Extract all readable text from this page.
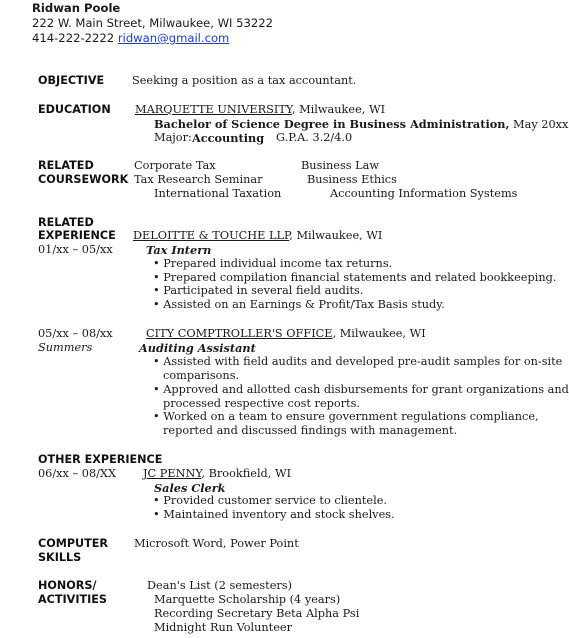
Ridwan Poole
222 W. Main Street, Milwaukee, WI 53222
414-222-2222 ridwan@gmail.com
OBJECTIVE Seeking a position as a tax accountant.
EDUCATION MARQUETTE UNIVERSITY, Milwaukee, WI
Bachelor of Science Degree in Business Administration, May 20xx
Major: Accounting G.P.A. 3.2/4.0
RELATED
COURSEWORK
Corporate Tax	Business Law
Tax Research Seminar	Business Ethics
International Taxation	Accounting Information Systems
RELATED
EXPERIENCE DELOITTE & TOUCHE LLP, Milwaukee, WI
01/xx – 05/xx	Tax Intern
• Prepared individual income tax returns.
• Prepared compilation financial statements and related bookkeeping.
• Participated in several field audits.
• Assisted on an Earnings & Profit/Tax Basis study.
05/xx – 08/xx	CITY COMPTROLLER'S OFFICE, Milwaukee, WI
Summers	Auditing Assistant
• Assisted with field audits and developed pre-audit samples for on-site
comparisons.
• Approved and allotted cash disbursements for grant organizations and
processed respective cost reports.
• Worked on a team to ensure government regulations compliance,
reported and discussed findings with management.
OTHER EXPERIENCE
06/xx – 08/XX JC PENNY, Brookfield, WI
Sales Clerk
• Provided customer service to clientele.
• Maintained inventory and stock shelves.
COMPUTER
SKILLS
Microsoft Word, Power Point
HONORS/
ACTIVITIES
Dean's List (2 semesters)
Marquette Scholarship (4 years)
Recording Secretary Beta Alpha Psi
Midnight Run Volunteer
